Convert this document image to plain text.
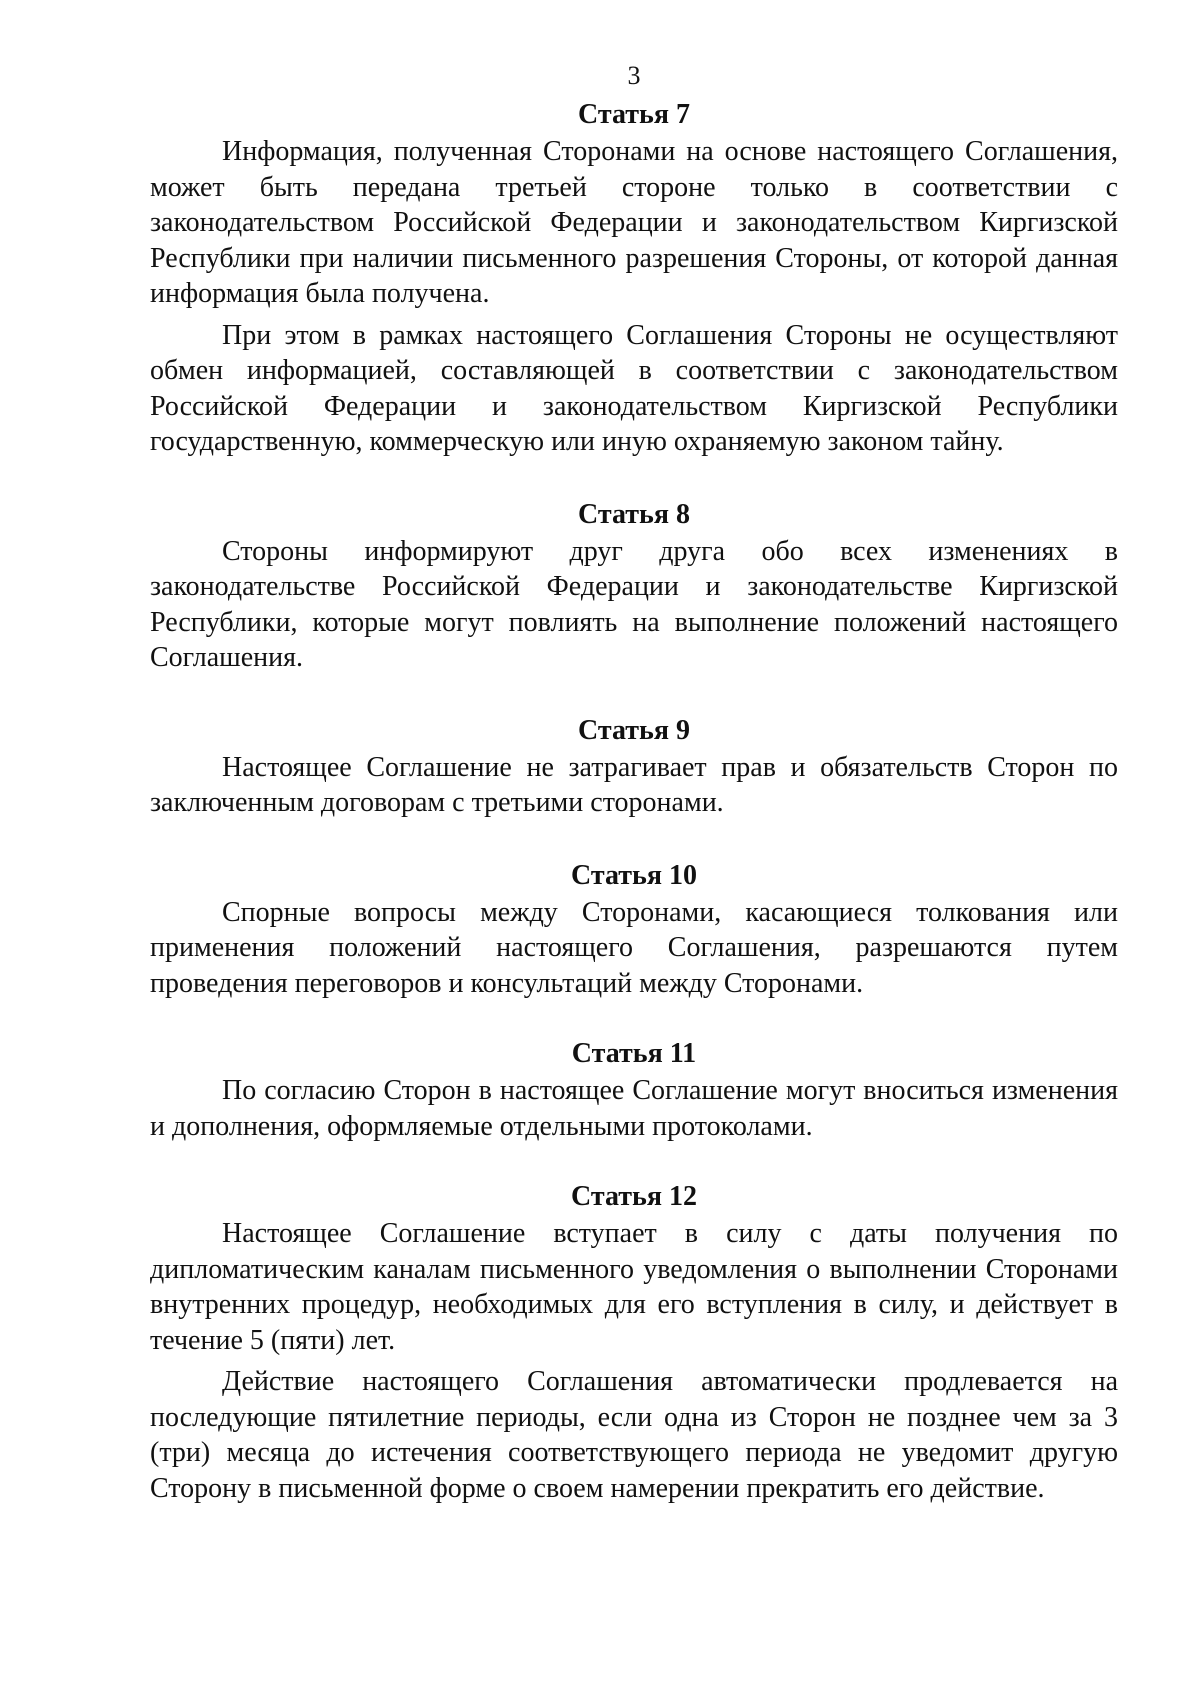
3
Статья 7

Информация, полученная Сторонами на основе настоящего Соглашения, может быть передана третьей стороне только в соответствии с законодательством Российской Федерации и законодательством Киргизской Республики при наличии письменного разрешения Стороны, от которой данная информация была получена.

При этом в рамках настоящего Соглашения Стороны не осуществляют обмен информацией, составляющей в соответствии с законодательством Российской Федерации и законодательством Киргизской Республики государственную, коммерческую или иную охраняемую законом тайну.

Статья 8

Стороны информируют друг друга обо всех изменениях в законодательстве Российской Федерации и законодательстве Киргизской Республики, которые могут повлиять на выполнение положений настоящего Соглашения.

Статья 9

Настоящее Соглашение не затрагивает прав и обязательств Сторон по заключенным договорам с третьими сторонами.

Статья 10

Спорные вопросы между Сторонами, касающиеся толкования или применения положений настоящего Соглашения, разрешаются путем проведения переговоров и консультаций между Сторонами.

Статья 11

По согласию Сторон в настоящее Соглашение могут вноситься изменения и дополнения, оформляемые отдельными протоколами.

Статья 12

Настоящее Соглашение вступает в силу с даты получения по дипломатическим каналам письменного уведомления о выполнении Сторонами внутренних процедур, необходимых для его вступления в силу, и действует в течение 5 (пяти) лет.

Действие настоящего Соглашения автоматически продлевается на последующие пятилетние периоды, если одна из Сторон не позднее чем за 3 (три) месяца до истечения соответствующего периода не уведомит другую Сторону в письменной форме о своем намерении прекратить его действие.
